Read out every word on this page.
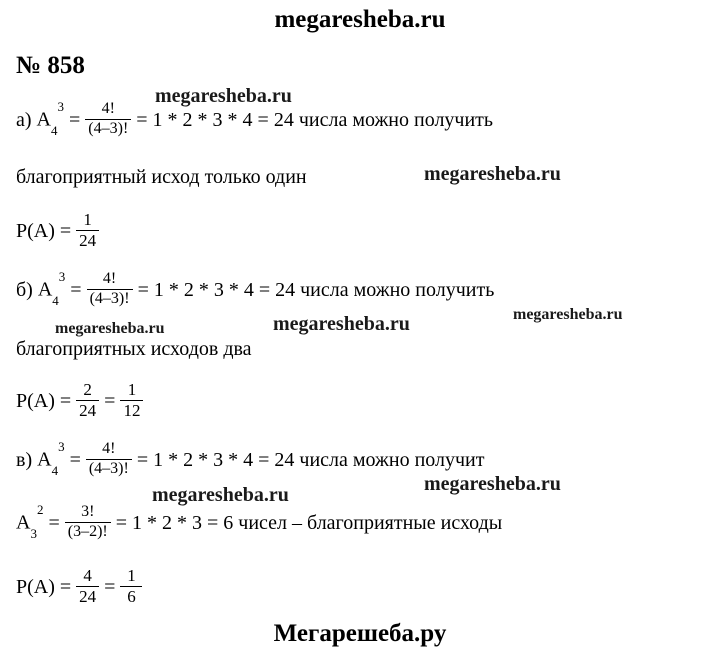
megaresheba.ru
№ 858
а)
$A_4^3$

= $\frac{4!}{(4-3)!} = 1 * 2 * 3 * 4 = 24$ числа можно получить
благоприятный исход только один
$P(A) = \frac{1}{24}$
б)
$A_4^3$

= $\frac{4!}{(4-3)!} = 1 * 2 * 3 * 4 = 24$ числа можно получить
благоприятных исходов два
$P(A) = \frac{2}{24} = \frac{1}{12}$
в)
$A_4^3$

= $\frac{4!}{(4-3)!} = 1 * 2 * 3 * 4 = 24$ числа можно получит
$A_3^2$

= $\frac{3!}{(3-2)!} = 1 * 2 * 3 = 6$ чисел – благоприятные исходы
$P(A) = \frac{4}{24} = \frac{1}{6}$
megaresheba.ru
megaresheba.ru
megaresheba.ru	megaresheba.ru
megaresheba.ru
megaresheba.ru	megaresheba.ru
Мегарешеба.ру
